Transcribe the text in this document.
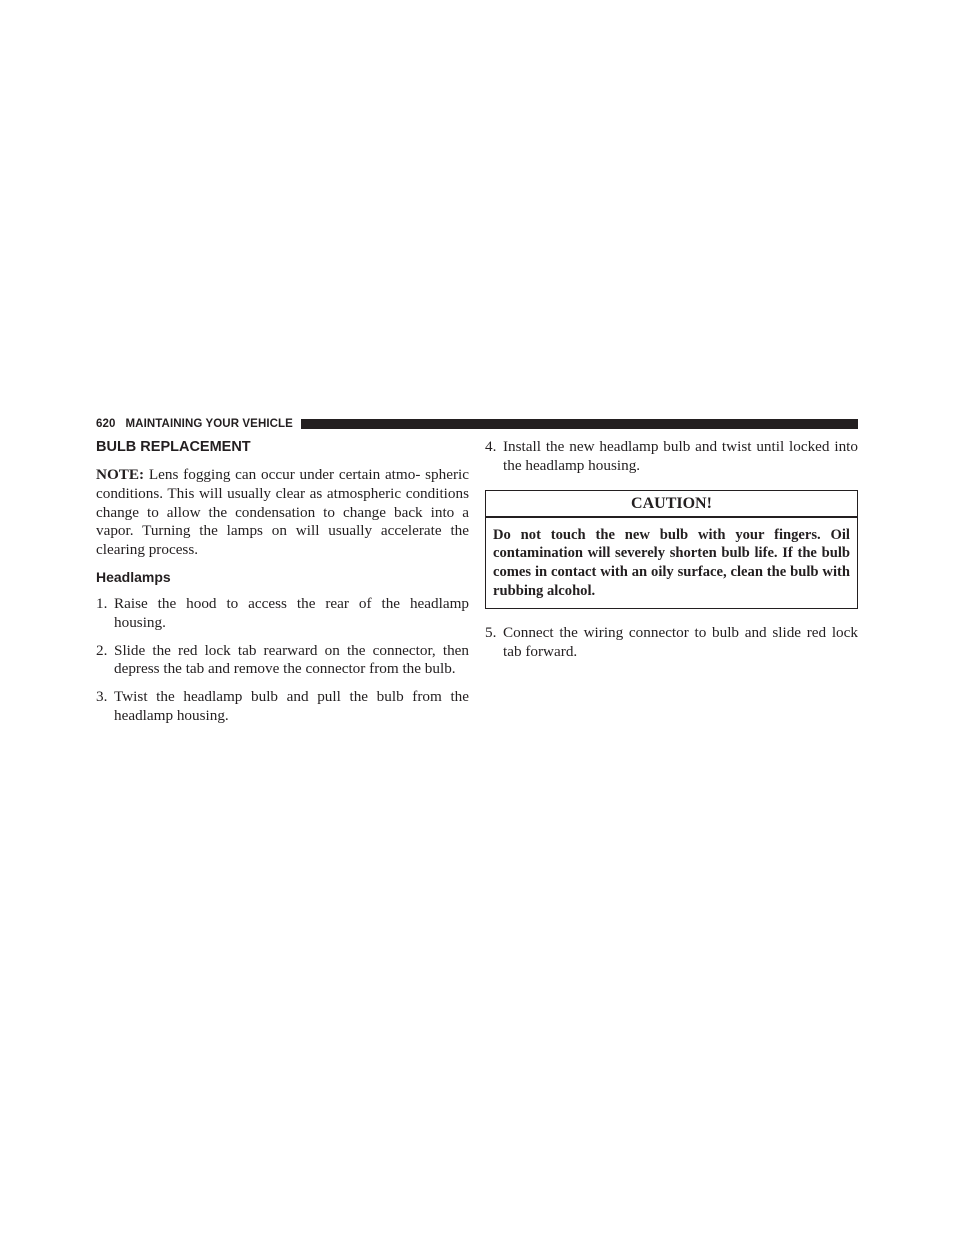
620 MAINTAINING YOUR VEHICLE
BULB REPLACEMENT

NOTE: Lens fogging can occur under certain atmo- spheric conditions. This will usually clear as atmospheric conditions change to allow the condensation to change back into a vapor. Turning the lamps on will usually accelerate the clearing process.

Headlamps
1. Raise the hood to access the rear of the headlamp housing.
2. Slide the red lock tab rearward on the connector, then depress the tab and remove the connector from the bulb.
3. Twist the headlamp bulb and pull the bulb from the headlamp housing.
4. Install the new headlamp bulb and twist until locked into the headlamp housing.
CAUTION!
Do not touch the new bulb with your fingers. Oil contamination will severely shorten bulb life. If the bulb comes in contact with an oily surface, clean the bulb with rubbing alcohol.
5. Connect the wiring connector to bulb and slide red lock tab forward.
